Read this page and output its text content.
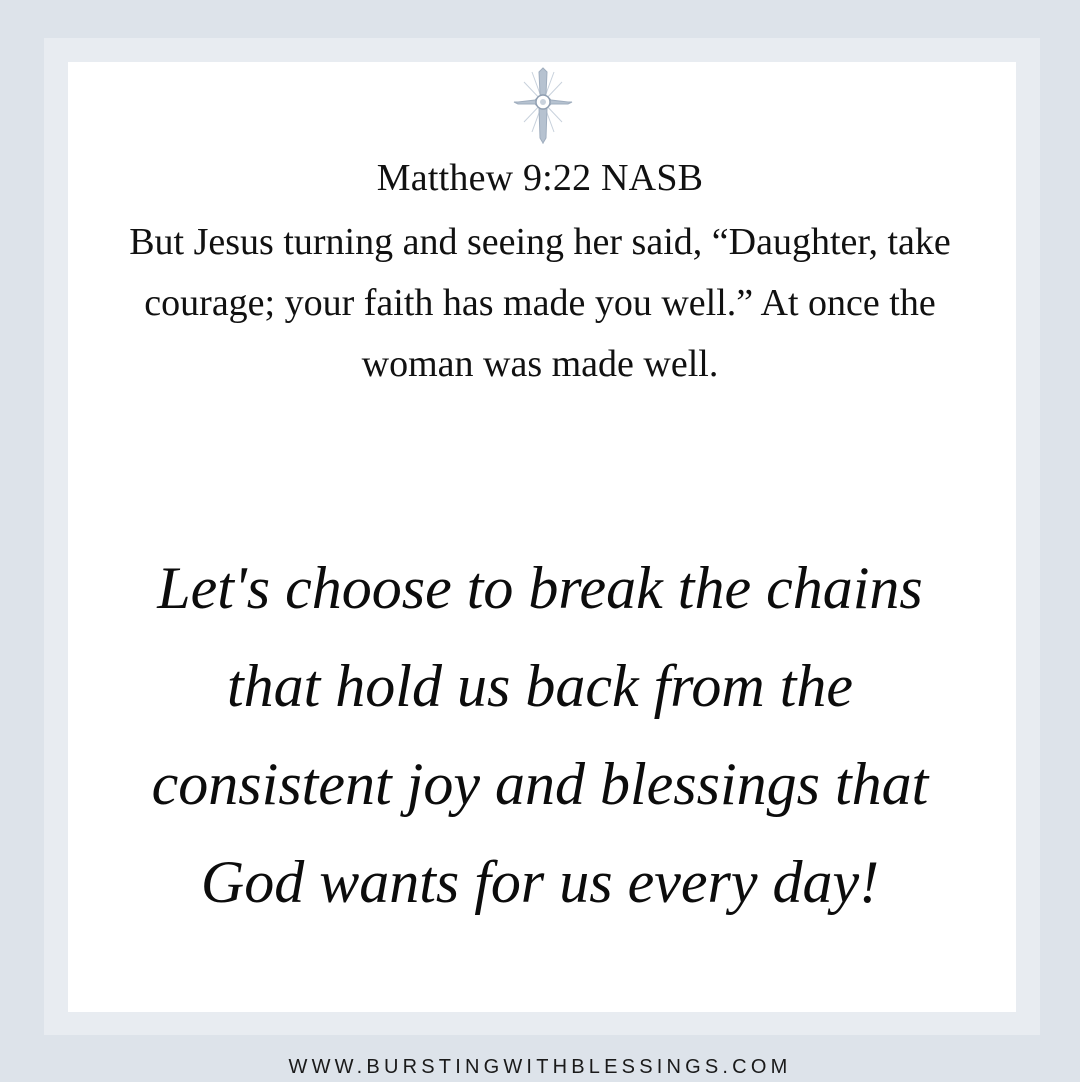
Matthew 9:22 NASB
But Jesus turning and seeing her said, “Daughter, take courage; your faith has made you well.” At once the woman was made well.
Let's choose to break the chains that hold us back from the consistent joy and blessings that God wants for us every day!
WWW.BURSTINGWITHBLESSINGS.COM
